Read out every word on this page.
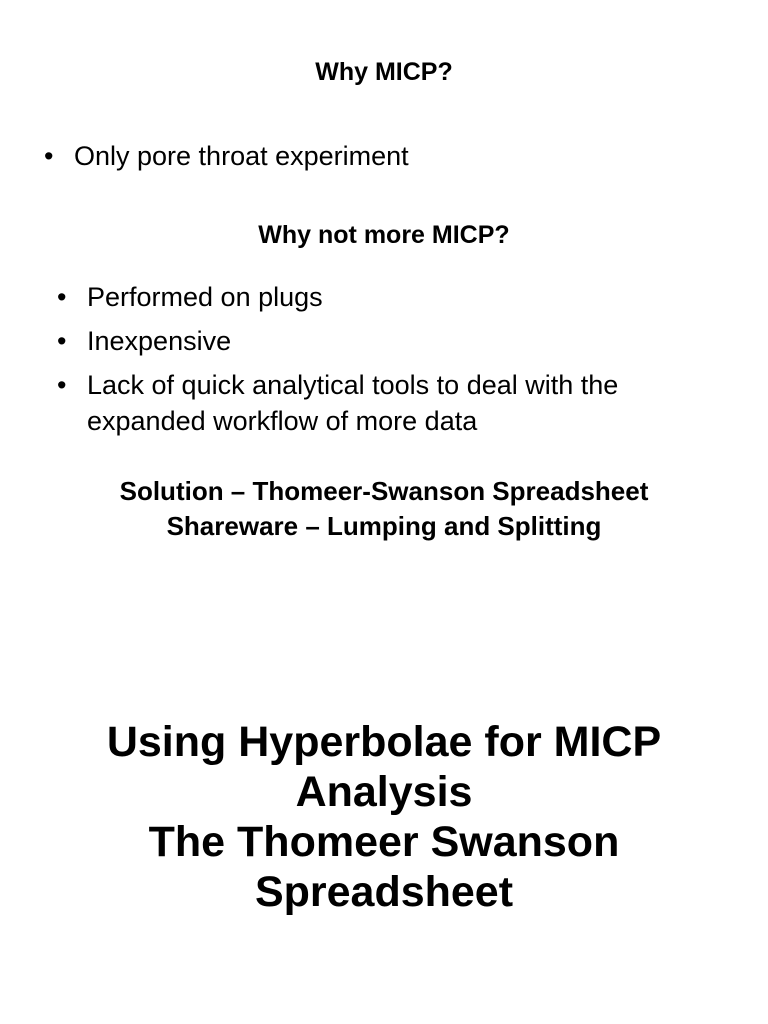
Why MICP?
• Only pore throat experiment
Why not more MICP?
• Performed on plugs
• Inexpensive
• Lack of quick analytical tools to deal with the
expanded workflow of more data
Solution – Thomeer-Swanson Spreadsheet
Shareware – Lumping and Splitting
Using Hyperbolae for MICP
Analysis
The Thomeer Swanson
Spreadsheet
